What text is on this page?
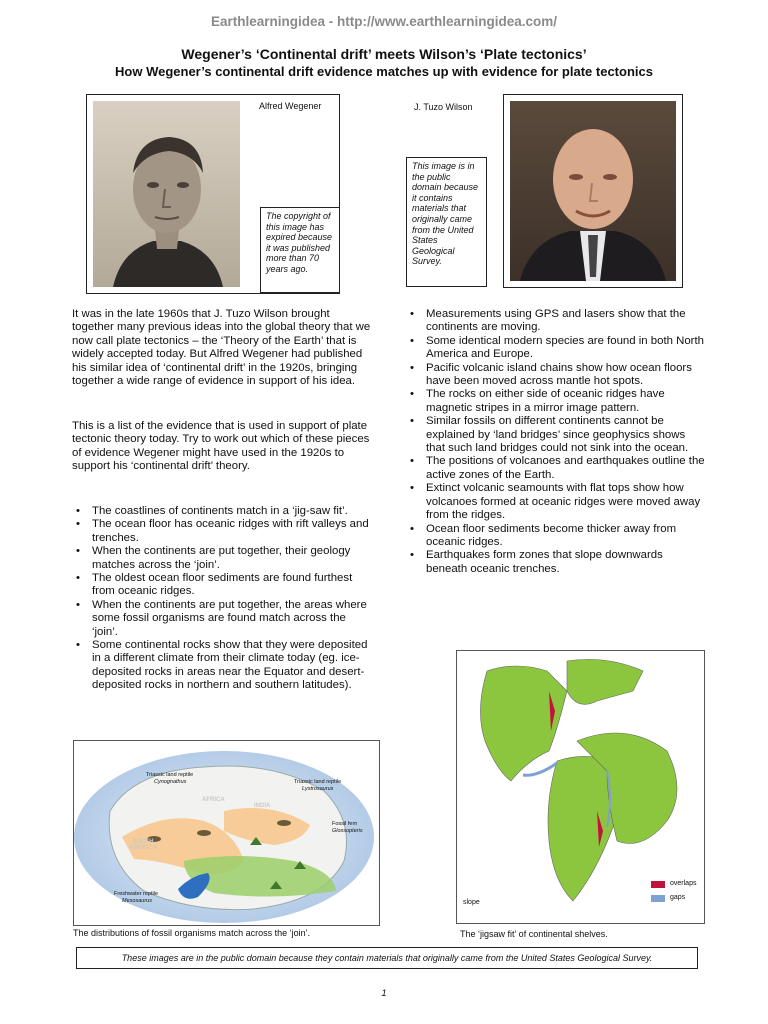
Earthlearningidea - http://www.earthlearningidea.com/
Wegener’s ‘Continental drift’ meets Wilson’s ‘Plate tectonics’
How Wegener’s continental drift evidence matches up with evidence for plate tectonics
Alfred Wegener
The copyright of this image has expired because it was published more than 70 years ago.
J. Tuzo Wilson
This image is in the public domain because it contains materials that originally came from the United States Geological Survey.
It was in the late 1960s that J. Tuzo Wilson brought together many previous ideas into the global theory that we now call plate tectonics – the ‘Theory of the Earth’ that is widely accepted today. But Alfred Wegener had published his similar idea of ‘continental drift’ in the 1920s, bringing together a wide range of evidence in support of his idea.
This is a list of the evidence that is used in support of plate tectonic theory today. Try to work out which of these pieces of evidence Wegener might have used in the 1920s to support his ‘continental drift’ theory.
• The coastlines of continents match in a ‘jig-saw fit’.
• The ocean floor has oceanic ridges with rift valleys and trenches.
• When the continents are put together, their geology matches across the ‘join’.
• The oldest ocean floor sediments are found furthest from oceanic ridges.
• When the continents are put together, the areas where some fossil organisms are found match across the ‘join’.
• Some continental rocks show that they were deposited in a different climate from their climate today (eg. ice-deposited rocks in areas near the Equator and desert-deposited rocks in northern and southern latitudes).
• Measurements using GPS and lasers show that the continents are moving.
• Some identical modern species are found in both North America and Europe.
• Pacific volcanic island chains show how ocean floors have been moved across mantle hot spots.
• The rocks on either side of oceanic ridges have magnetic stripes in a mirror image pattern.
• Similar fossils on different continents cannot be explained by ‘land bridges’ since geophysics shows that such land bridges could not sink into the ocean.
• The positions of volcanoes and earthquakes outline the active zones of the Earth.
• Extinct volcanic seamounts with flat tops show how volcanoes formed at oceanic ridges were moved away from the ridges.
• Ocean floor sediments become thicker away from oceanic ridges.
• Earthquakes form zones that slope downwards beneath oceanic trenches.
Triassic land reptile
Cynognathus	Triassic land reptile
Lystrosaurus
Fossil fern
Glossopteris
Freshwater reptile
Mesosaurus
AFRICA
INDIA
SOUTH AMERICA
The distributions of fossil organisms match across the ‘join’.
overlaps
gaps
slope
The ‘jigsaw fit’ of continental shelves.
These images are in the public domain because they contain materials that originally came from the United States Geological Survey.
1
